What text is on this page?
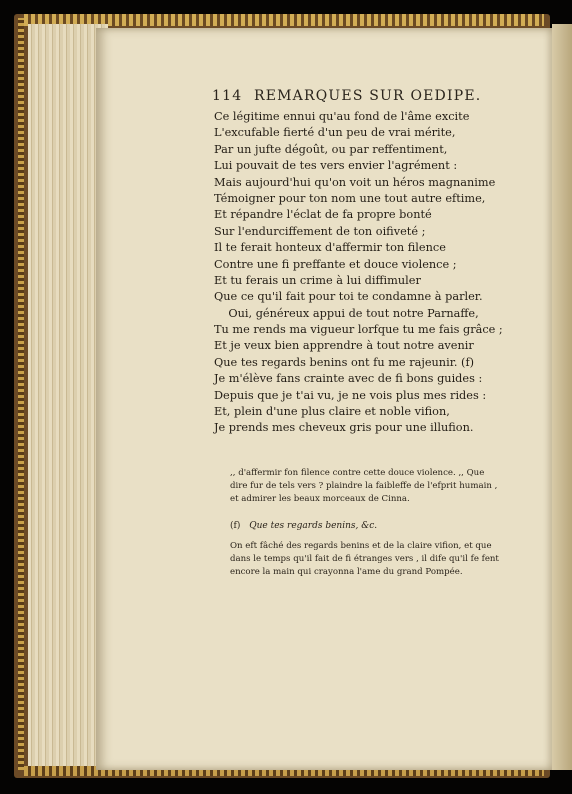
114 REMARQUES SUR OEDIPE.
Ce légitime ennui qu'au fond de l'âme excite
L'excufable fierté d'un peu de vrai mérite,
Par un jufte dégoût, ou par reffentiment,
Lui pouvait de tes vers envier l'agrément :
Mais aujourd'hui qu'on voit un héros magnanime
Témoigner pour ton nom une tout autre eftime,
Et répandre l'éclat de fa propre bonté
Sur l'endurciffement de ton oifiveté ;
Il te ferait honteux d'affermir ton filence
Contre une fi preffante et douce violence ;
Et tu ferais un crime à lui diffimuler
Que ce qu'il fait pour toi te condamne à parler.
Oui, généreux appui de tout notre Parnaffe,
Tu me rends ma vigueur lorfque tu me fais grâce ;
Et je veux bien apprendre à tout notre avenir
Que tes regards benins ont fu me rajeunir. (f)
Je m'élève fans crainte avec de fi bons guides :
Depuis que je t'ai vu, je ne vois plus mes rides :
Et, plein d'une plus claire et noble vifion,
Je prends mes cheveux gris pour une illufion.
,, d'affermir fon filence contre cette douce violence. ,, Que
dire fur de tels vers ? plaindre la faibleffe de l'efprit humain ,
et admirer les beaux morceaux de Cinna.
(f) Que tes regards benins, &c.
On eft fâché des regards benins et de la claire vifion, et que
dans le temps qu'il fait de fi étranges vers , il dife qu'il fe fent
encore la main qui crayonna l'ame du grand Pompée.
